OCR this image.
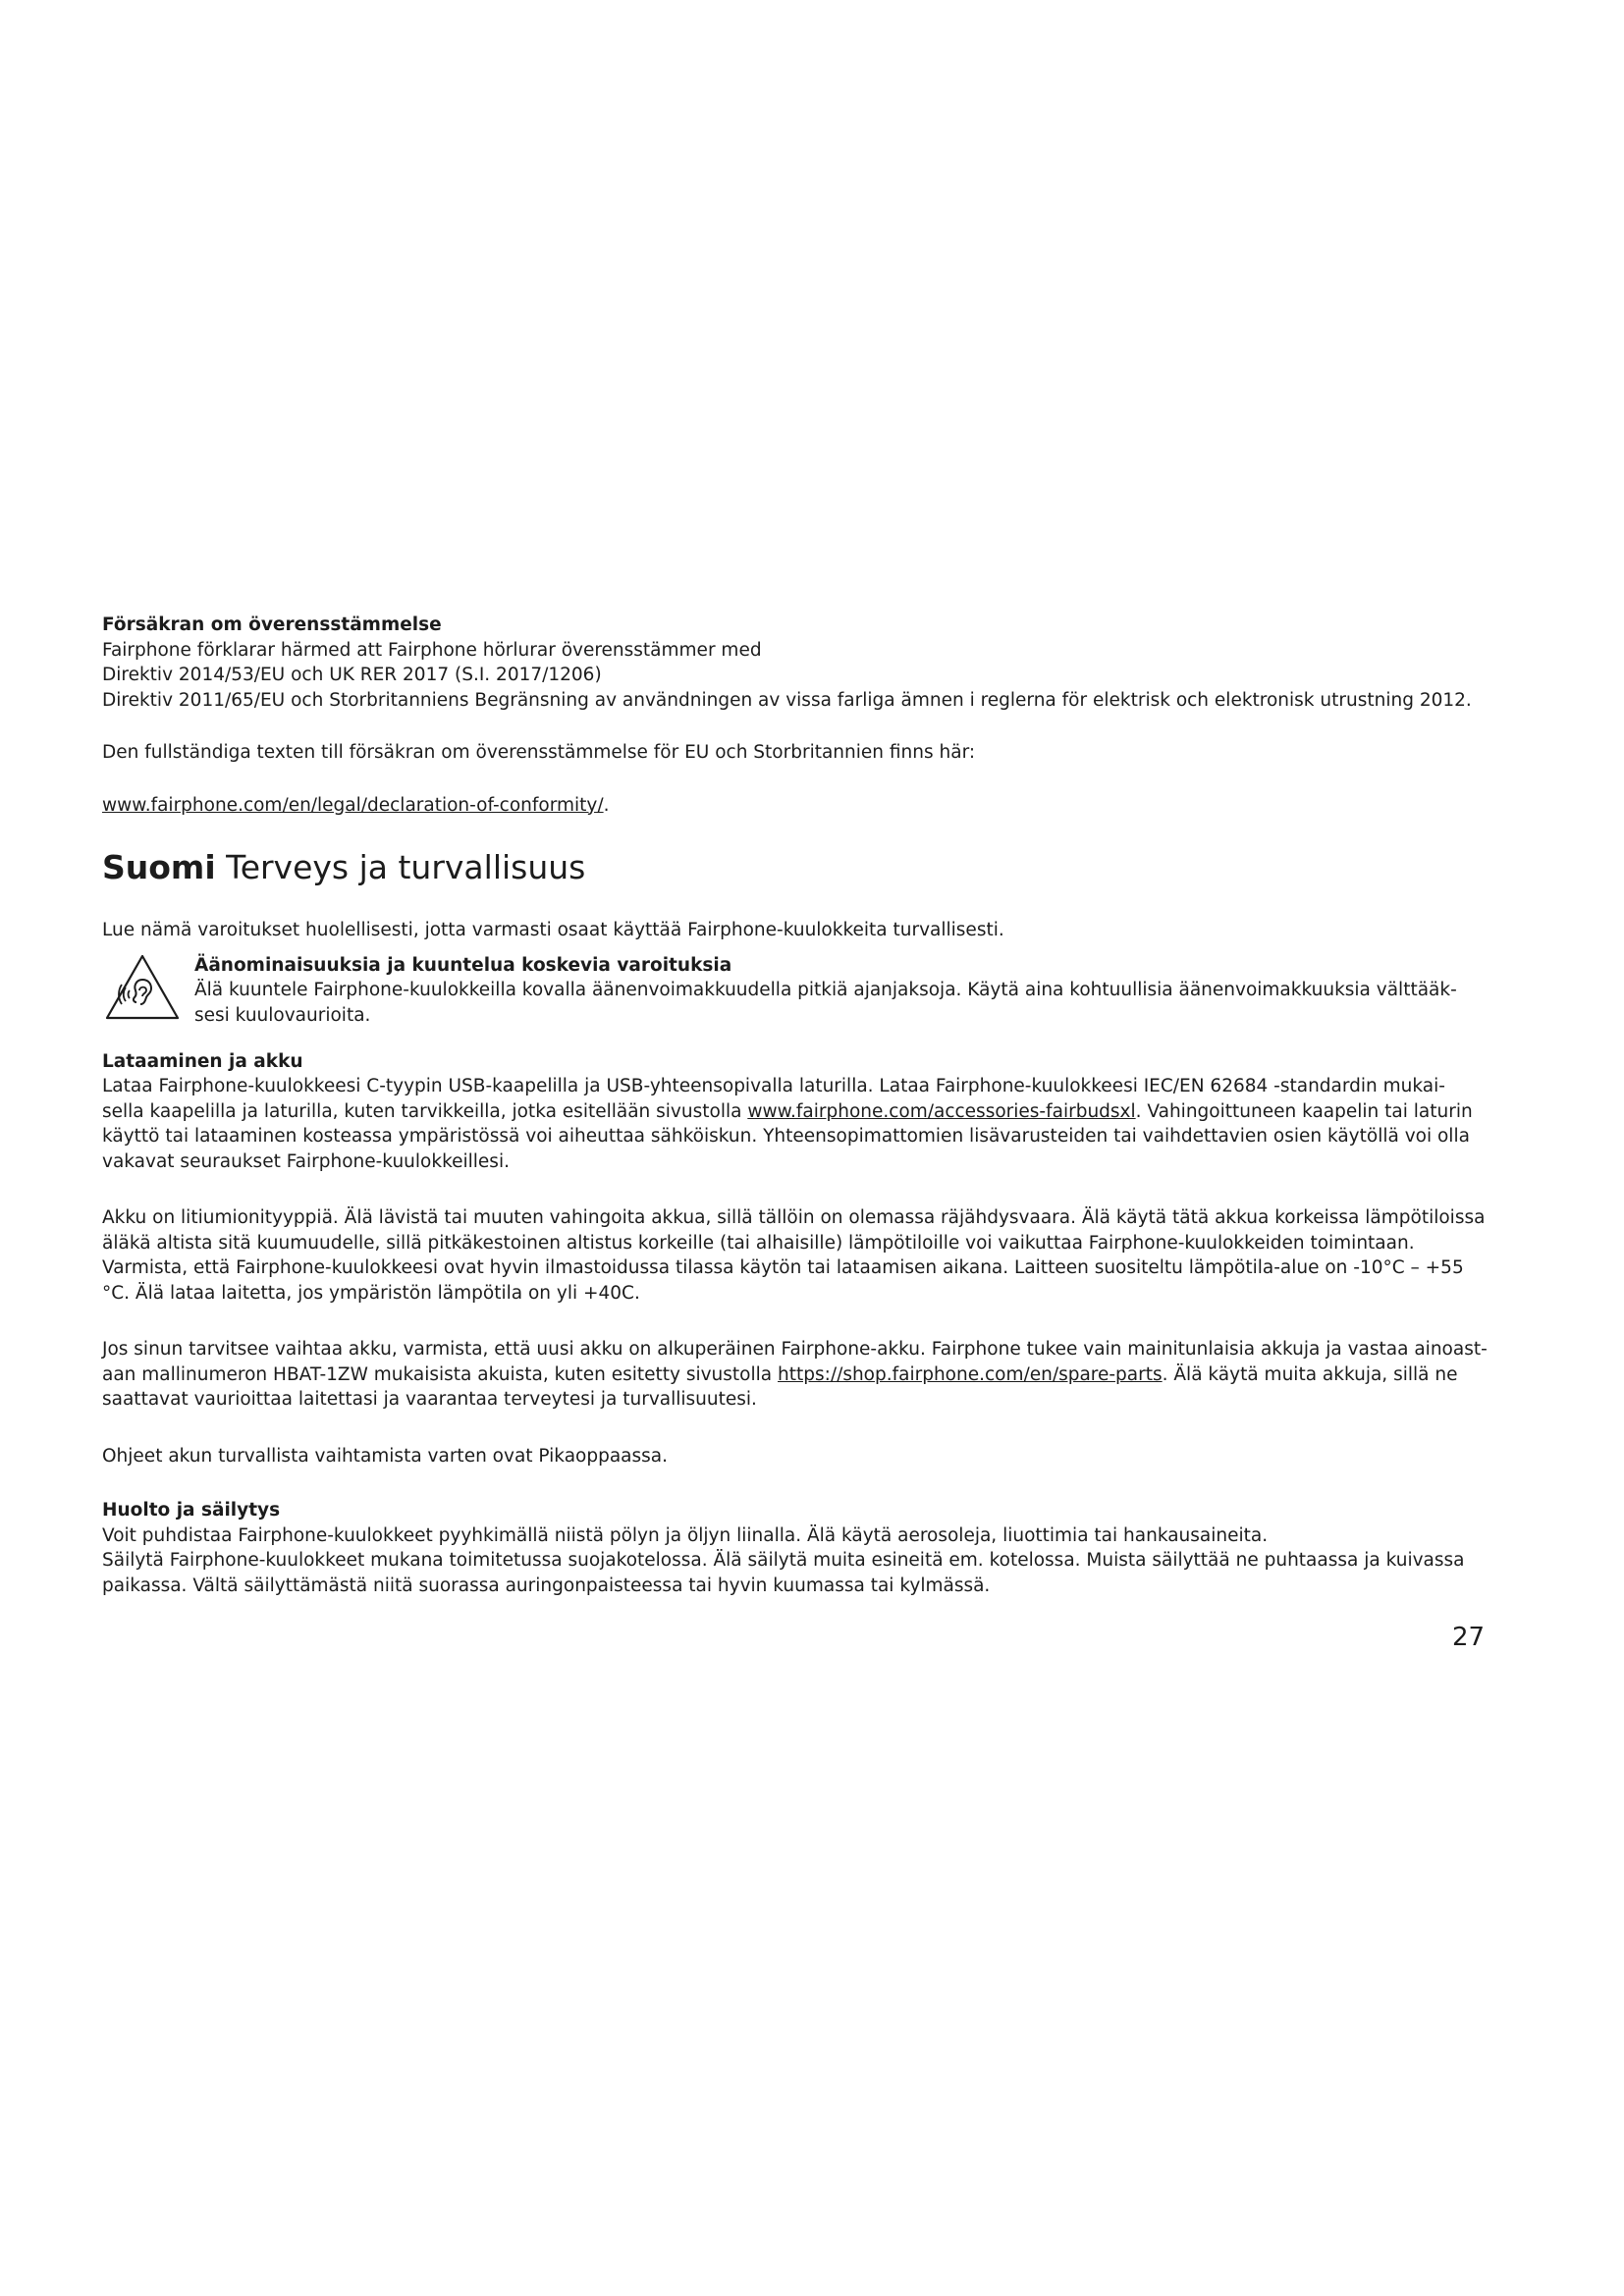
Försäkran om överensstämmelse
Fairphone förklarar härmed att Fairphone hörlurar överensstämmer med
Direktiv 2014/53/EU och UK RER 2017 (S.I. 2017/1206)
Direktiv 2011/65/EU och Storbritanniens Begränsning av användningen av vissa farliga ämnen i reglerna för elektrisk och elektronisk utrustning 2012.
Den fullständiga texten till försäkran om överensstämmelse för EU och Storbritannien finns här:
www.fairphone.com/en/legal/declaration-of-conformity/.
Suomi Terveys ja turvallisuus
Lue nämä varoitukset huolellisesti, jotta varmasti osaat käyttää Fairphone-kuulokkeita turvallisesti.
Äänominaisuuksia ja kuuntelua koskevia varoituksia
Älä kuuntele Fairphone-kuulokkeilla kovalla äänenvoimakkuudella pitkiä ajanjaksoja. Käytä aina kohtuullisia äänenvoimakkuuksia välttääk-
sesi kuulovaurioita.
Lataaminen ja akku
Lataa Fairphone-kuulokkeesi C-tyypin USB-kaapelilla ja USB-yhteensopivalla laturilla. Lataa Fairphone-kuulokkeesi IEC/EN 62684 -standardin mukai-
sella kaapelilla ja laturilla, kuten tarvikkeilla, jotka esitellään sivustolla www.fairphone.com/accessories-fairbudsxl. Vahingoittuneen kaapelin tai laturin
käyttö tai lataaminen kosteassa ympäristössä voi aiheuttaa sähköiskun. Yhteensopimattomien lisävarusteiden tai vaihdettavien osien käytöllä voi olla
vakavat seuraukset Fairphone-kuulokkeillesi.
Akku on litiumionityyppiä. Älä lävistä tai muuten vahingoita akkua, sillä tällöin on olemassa räjähdysvaara. Älä käytä tätä akkua korkeissa lämpötiloissa
äläkä altista sitä kuumuudelle, sillä pitkäkestoinen altistus korkeille (tai alhaisille) lämpötiloille voi vaikuttaa Fairphone-kuulokkeiden toimintaan.
Varmista, että Fairphone-kuulokkeesi ovat hyvin ilmastoidussa tilassa käytön tai lataamisen aikana. Laitteen suositeltu lämpötila-alue on -10°C – +55
°C. Älä lataa laitetta, jos ympäristön lämpötila on yli +40C.
Jos sinun tarvitsee vaihtaa akku, varmista, että uusi akku on alkuperäinen Fairphone-akku. Fairphone tukee vain mainitunlaisia akkuja ja vastaa ainoast-
aan mallinumeron HBAT-1ZW mukaisista akuista, kuten esitetty sivustolla https://shop.fairphone.com/en/spare-parts. Älä käytä muita akkuja, sillä ne
saattavat vaurioittaa laitettasi ja vaarantaa terveytesi ja turvallisuutesi.
Ohjeet akun turvallista vaihtamista varten ovat Pikaoppaassa.
Huolto ja säilytys
Voit puhdistaa Fairphone-kuulokkeet pyyhkimällä niistä pölyn ja öljyn liinalla. Älä käytä aerosoleja, liuottimia tai hankausaineita.
Säilytä Fairphone-kuulokkeet mukana toimitetussa suojakotelossa. Älä säilytä muita esineitä em. kotelossa. Muista säilyttää ne puhtaassa ja kuivassa
paikassa. Vältä säilyttämästä niitä suorassa auringonpaisteessa tai hyvin kuumassa tai kylmässä.
27
